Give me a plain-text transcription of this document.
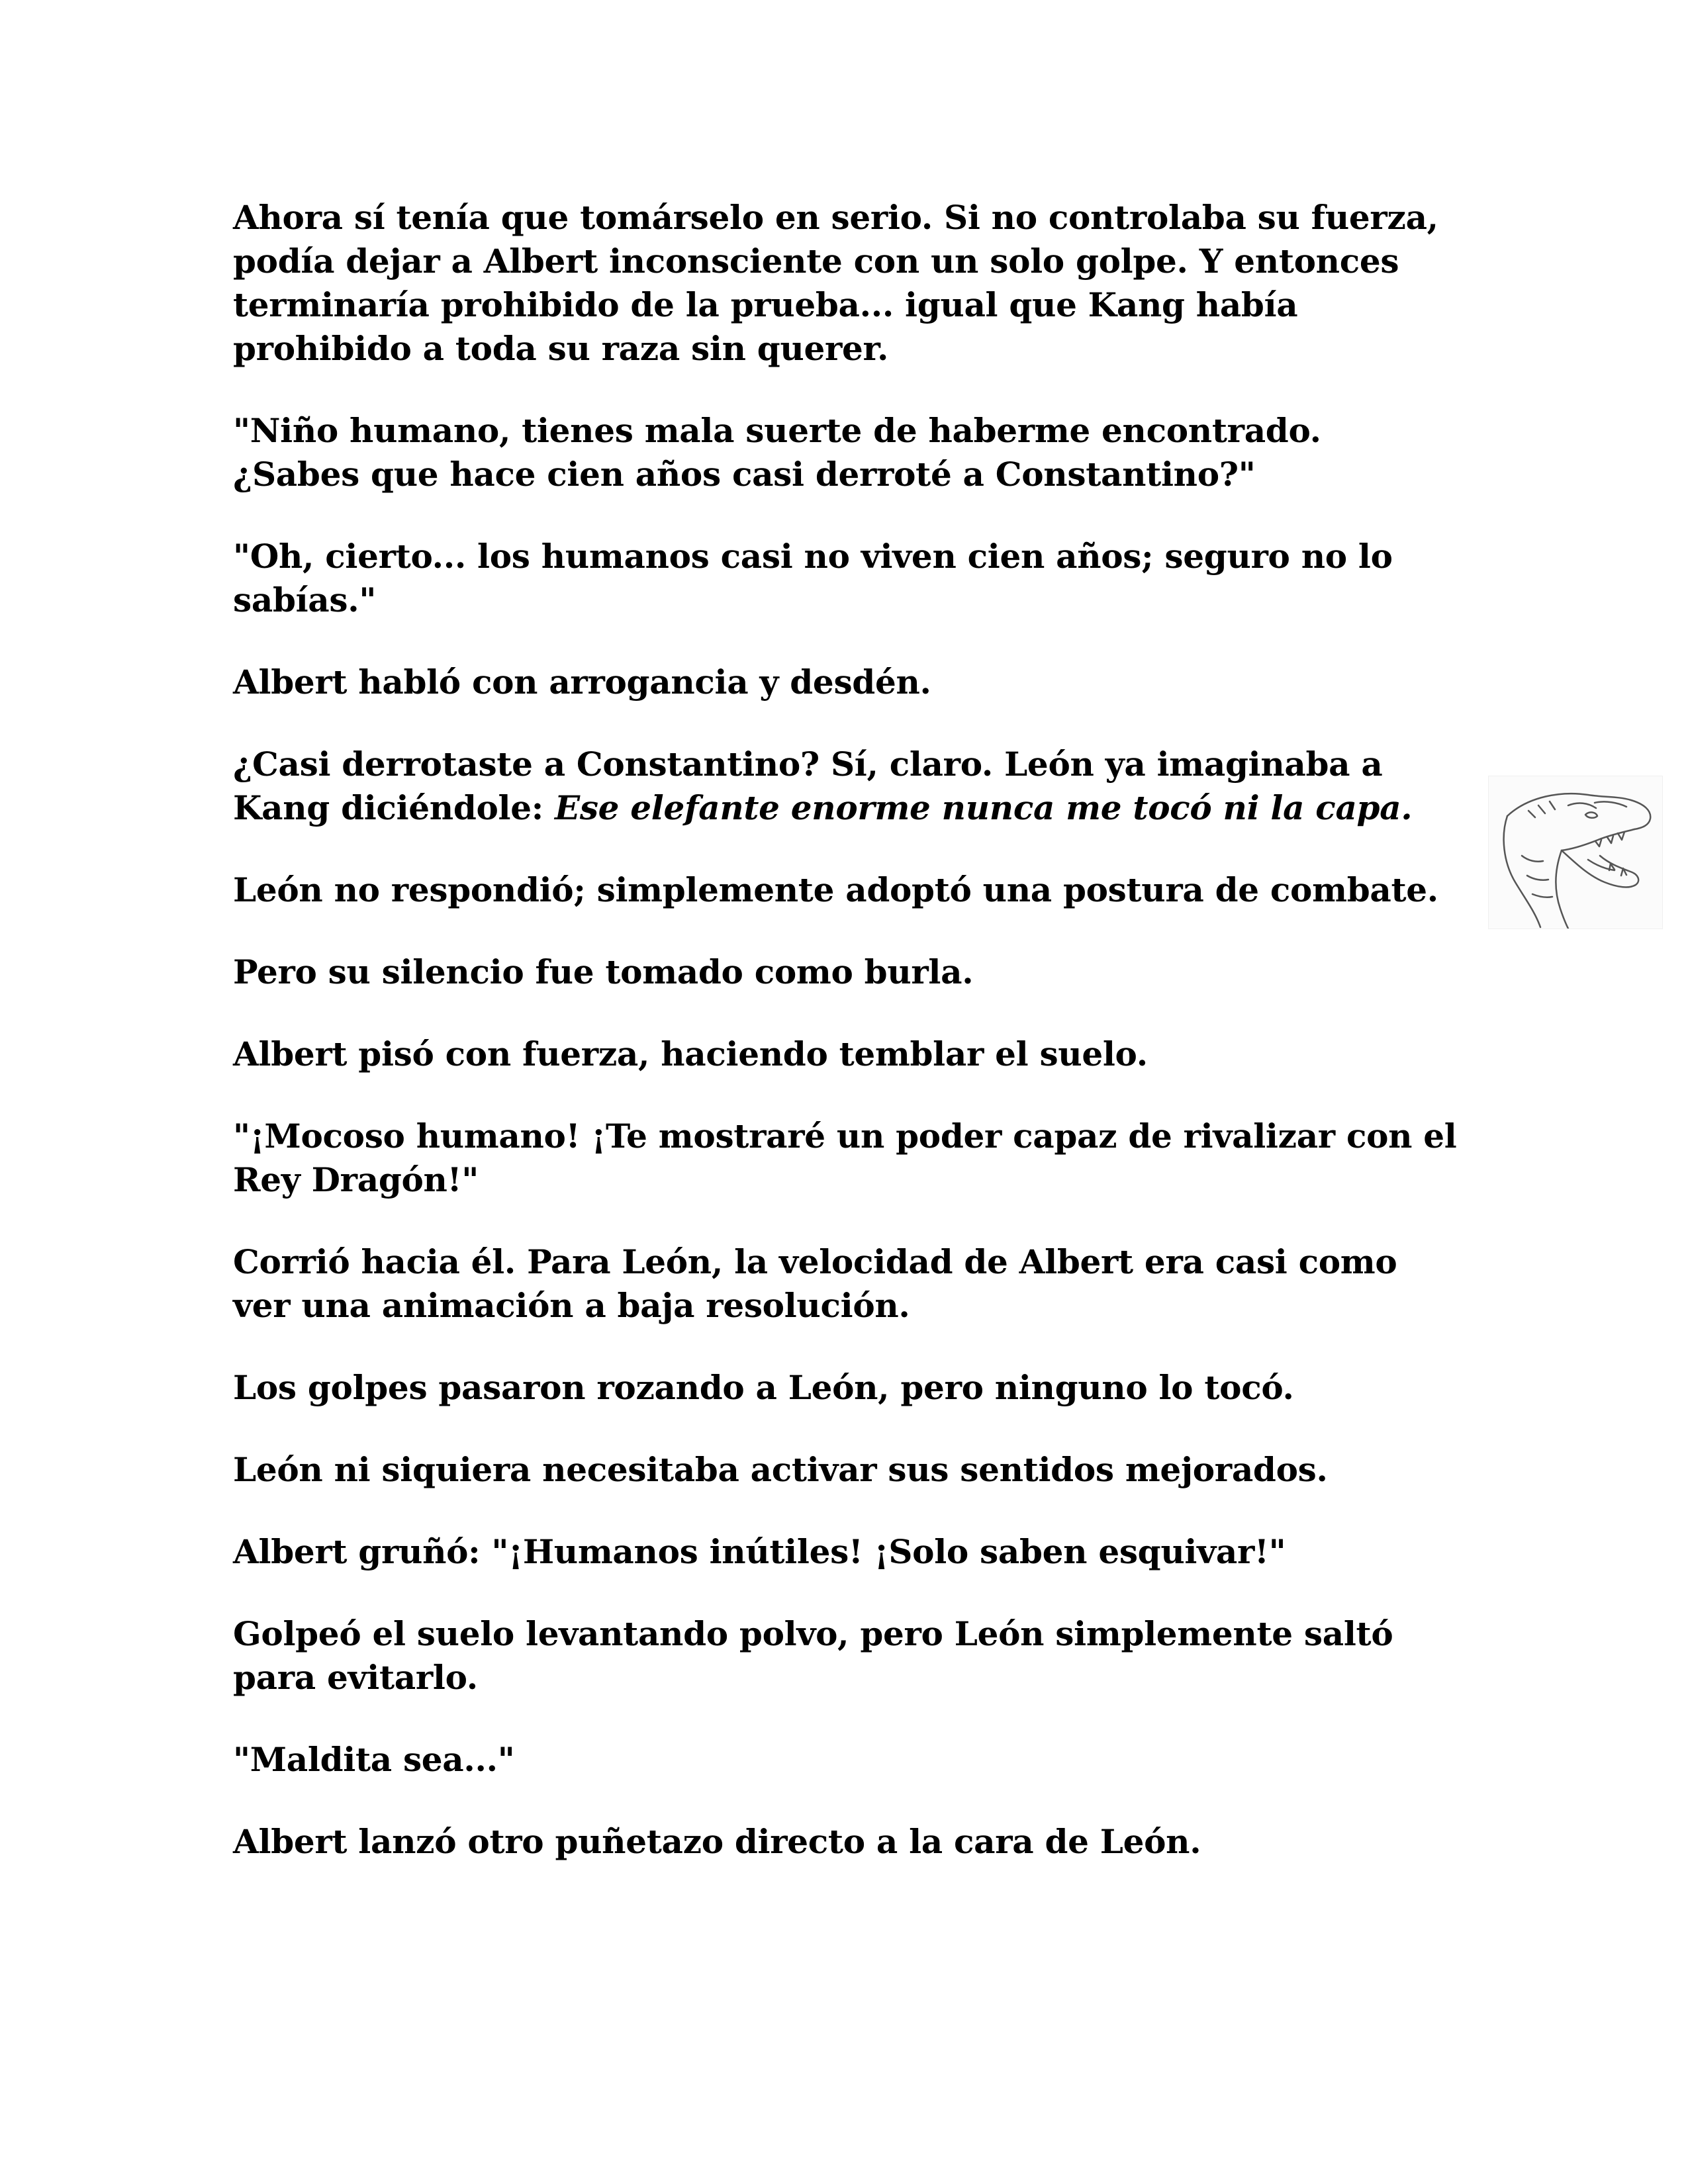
Ahora sí tenía que tomárselo en serio. Si no controlaba su fuerza, podía dejar a Albert inconsciente con un solo golpe. Y entonces terminaría prohibido de la prueba... igual que Kang había prohibido a toda su raza sin querer.

"Niño humano, tienes mala suerte de haberme encontrado. ¿Sabes que hace cien años casi derroté a Constantino?"

"Oh, cierto... los humanos casi no viven cien años; seguro no lo sabías."

Albert habló con arrogancia y desdén.

¿Casi derrotaste a Constantino? Sí, claro. León ya imaginaba a Kang diciéndole: Ese elefante enorme nunca me tocó ni la capa.

León no respondió; simplemente adoptó una postura de combate.

Pero su silencio fue tomado como burla.

Albert pisó con fuerza, haciendo temblar el suelo.

"¡Mocoso humano! ¡Te mostraré un poder capaz de rivalizar con el Rey Dragón!"

Corrió hacia él. Para León, la velocidad de Albert era casi como ver una animación a baja resolución.

Los golpes pasaron rozando a León, pero ninguno lo tocó.

León ni siquiera necesitaba activar sus sentidos mejorados.

Albert gruñó: "¡Humanos inútiles! ¡Solo saben esquivar!"

Golpeó el suelo levantando polvo, pero León simplemente saltó para evitarlo.

"Maldita sea..."

Albert lanzó otro puñetazo directo a la cara de León.
